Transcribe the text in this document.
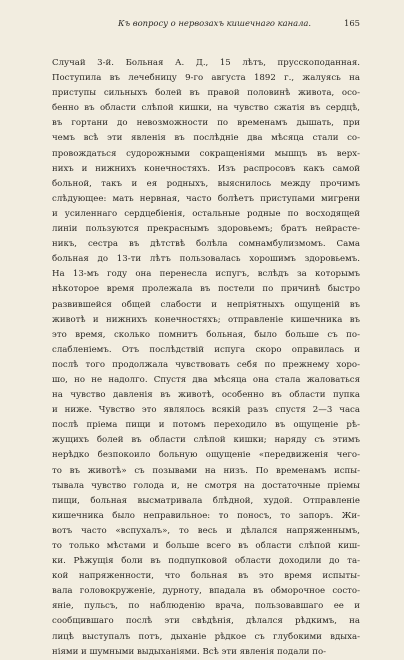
Къ вопросу о нервозахъ кишечнаго канала.	165
Случай 3-й. Больная А. Д., 15 лѣтъ, прусскоподанная.
Поступила въ лечебницу 9-го августа 1892 г., жалуясь на
приступы сильныхъ болей въ правой половинѣ живота, осо-
бенно въ области слѣпой кишки, на чувство сжатія въ сердцѣ,
въ гортани до невозможности по временамъ дышать, при
чемъ всѣ эти явленія въ послѣдніе два мѣсяца стали со-
провождаться судорожными сокращеніями мышцъ въ верх-
нихъ и нижнихъ конечностяхъ. Изъ распросовъ какъ самой
больной, такъ и ея родныхъ, выяснилось между прочимъ
слѣдующее: мать нервная, часто болѣетъ приступами мигрени
и усиленнаго сердцебіенія, остальные родные по восходящей
линіи пользуются прекраснымъ здоровьемъ; братъ нейрасте-
никъ, сестра въ дѣтствѣ болѣла сомнамбулизмомъ. Сама
больная до 13-ти лѣтъ пользовалась хорошимъ здоровьемъ.
На 13-мъ году она перенесла испугъ, вслѣдъ за которымъ
нѣкоторое время пролежала въ постели по причинѣ быстро
развившейся общей слабости и непріятныхъ ощущеній въ
животѣ и нижнихъ конечностяхъ; отправленіе кишечника въ
это время, сколько помнитъ больная, было больше съ по-
слабленіемъ. Отъ послѣдствій испуга скоро оправилась и
послѣ того продолжала чувствовать себя по прежнему хоро-
шо, но не надолго. Спустя два мѣсяца она стала жаловаться
на чувство давленія въ животѣ, особенно въ области пупка
и ниже. Чувство это являлось всякій разъ спустя 2—3 часа
послѣ пріема пищи и потомъ переходило въ ощущеніе рѣ-
жущихъ болей въ области слѣпой кишки; наряду съ этимъ
нерѣдко безпокоило больную ощущеніе «передвиженія чего-
то въ животѣ» съ позывами на низъ. По временамъ испы-
тывала чувство голода и, не смотря на достаточные пріемы
пищи, больная высматривала блѣдной, худой. Отправленіе
кишечника было неправильное: то поносъ, то запоръ. Жи-
вотъ часто «вспухалъ», то весь и дѣлался напряженнымъ,
то только мѣстами и больше всего въ области слѣпой киш-
ки. Рѣжущія боли въ подпупковой области доходили до та-
кой напряженности, что больная въ это время испыты-
вала головокруженіе, дурноту, впадала въ обморочное состо-
яніе, пульсъ, по наблюденію врача, пользовавшаго ее и
сообщившаго послѣ эти свѣдѣнія, дѣлался рѣдкимъ, на
лицѣ выступалъ потъ, дыханіе рѣдкое съ глубокими вдыха-
ніями и шумными выдыханіями. Всѣ эти явленія подали по-
